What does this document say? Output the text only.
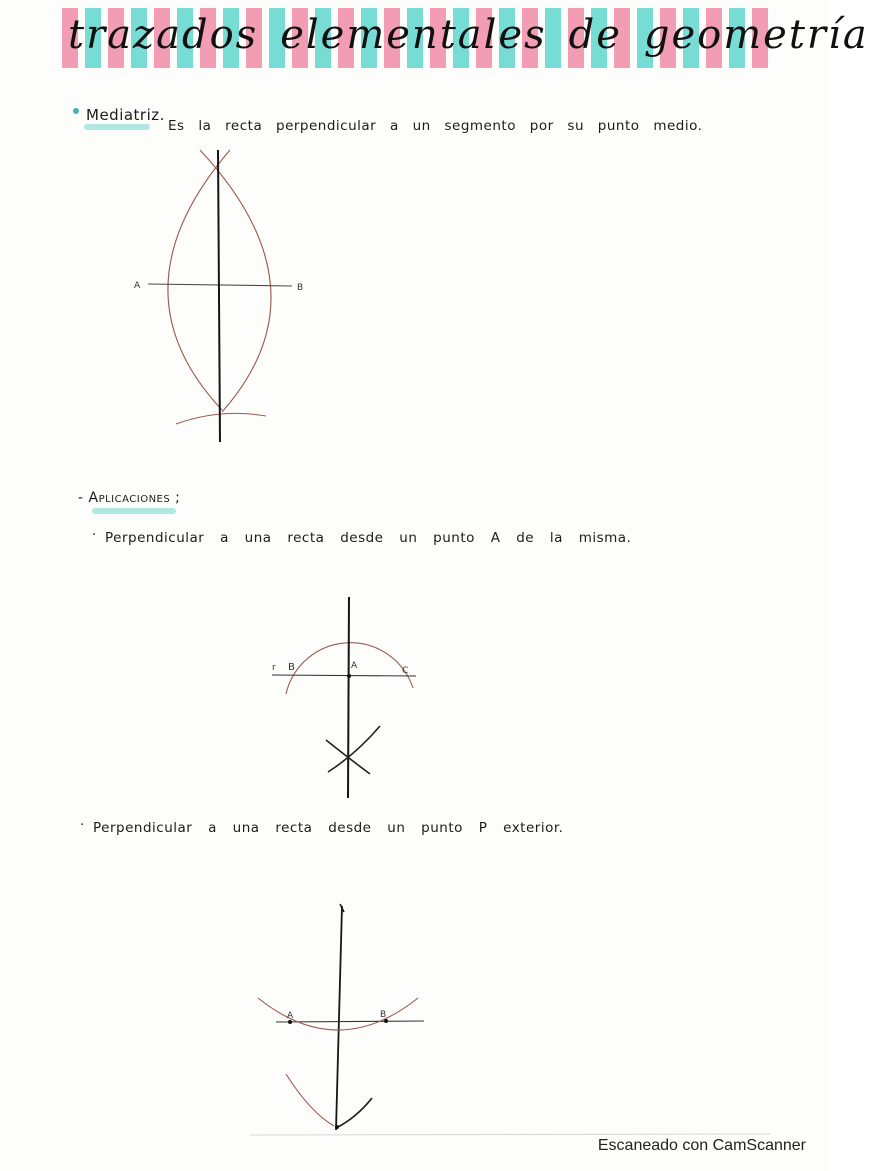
trazados elementales de geometría
Mediatriz.
Es la recta perpendicular a un segmento por su punto medio.
- Aplicaciones ;
· Perpendicular a una recta desde un punto A de la misma.
· Perpendicular a una recta desde un punto P exterior.
A	B
r B	A	C
A	B
Escaneado con CamScanner
